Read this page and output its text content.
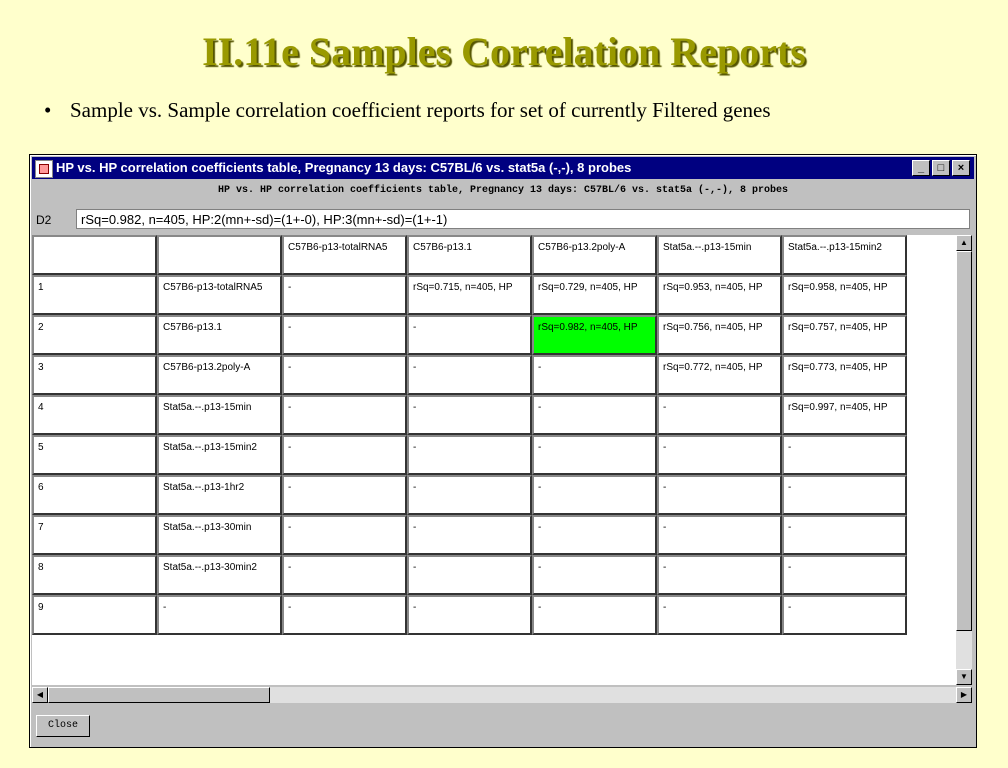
II.11e Samples Correlation Reports
• Sample vs. Sample correlation coefficient reports for set of currently Filtered genes
HP vs. HP correlation coefficients table, Pregnancy 13 days: C57BL/6 vs. stat5a (-,-), 8 probes	_ □ ×
HP vs. HP correlation coefficients table, Pregnancy 13 days: C57BL/6 vs. stat5a (-,-), 8 probes
D2	rSq=0.982, n=405, HP:2(mn+-sd)=(1+-0), HP:3(mn+-sd)=(1+-1)
		C57B6-p13-totalRNA5	C57B6-p13.1	C57B6-p13.2poly-A	Stat5a.--.p13-15min	Stat5a.--.p13-15min2
1	C57B6-p13-totalRNA5	-	rSq=0.715, n=405, HP	rSq=0.729, n=405, HP	rSq=0.953, n=405, HP	rSq=0.958, n=405, HP
2	C57B6-p13.1	-	-	rSq=0.982, n=405, HP	rSq=0.756, n=405, HP	rSq=0.757, n=405, HP
3	C57B6-p13.2poly-A	-	-	-	rSq=0.772, n=405, HP	rSq=0.773, n=405, HP
4	Stat5a.--.p13-15min	-	-	-	-	rSq=0.997, n=405, HP
5	Stat5a.--.p13-15min2	-	-	-	-	-
6	Stat5a.--.p13-1hr2	-	-	-	-	-
7	Stat5a.--.p13-30min	-	-	-	-	-
8	Stat5a.--.p13-30min2	-	-	-	-	-
9	-	-	-	-	-	-
▲
▼
◀	▶
Close
